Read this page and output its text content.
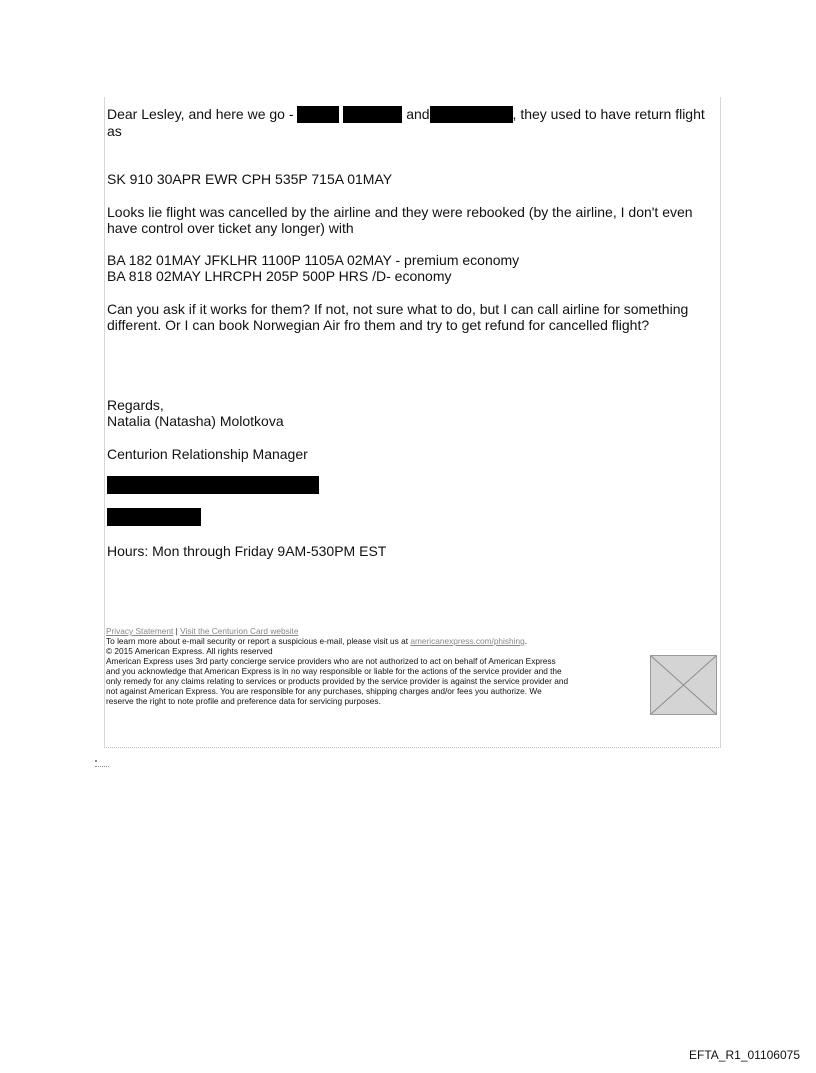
Dear Lesley, and here we go -	and	, they used to have return flight

as

SK 910 30APR EWR CPH 535P 715A 01MAY

Looks lie flight was cancelled by the airline and they were rebooked (by the airline, I don't even

have control over ticket any longer) with

BA 182 01MAY JFKLHR 1100P 1105A 02MAY - premium economy

BA 818 02MAY LHRCPH 205P 500P HRS /D- economy

Can you ask if it works for them? If not, not sure what to do, but I can call airline for something

different. Or I can book Norwegian Air fro them and try to get refund for cancelled flight?

Regards,

Natalia (Natasha) Molotkova

Centurion Relationship Manager

Hours: Mon through Friday 9AM-530PM EST

Privacy Statement | Visit the Centurion Card website
To learn more about e-mail security or report a suspicious e-mail, please visit us at americanexpress.com/phishing.
© 2015 American Express. All rights reserved
American Express uses 3rd party concierge service providers who are not authorized to act on behalf of American Express
and you acknowledge that American Express is in no way responsible or liable for the actions of the service provider and the
only remedy for any claims relating to services or products provided by the service provider is against the service provider and
not against American Express. You are responsible for any purchases, shipping charges and/or fees you authorize. We
reserve the right to note profile and preference data for servicing purposes.
EFTA_R1_01106075
